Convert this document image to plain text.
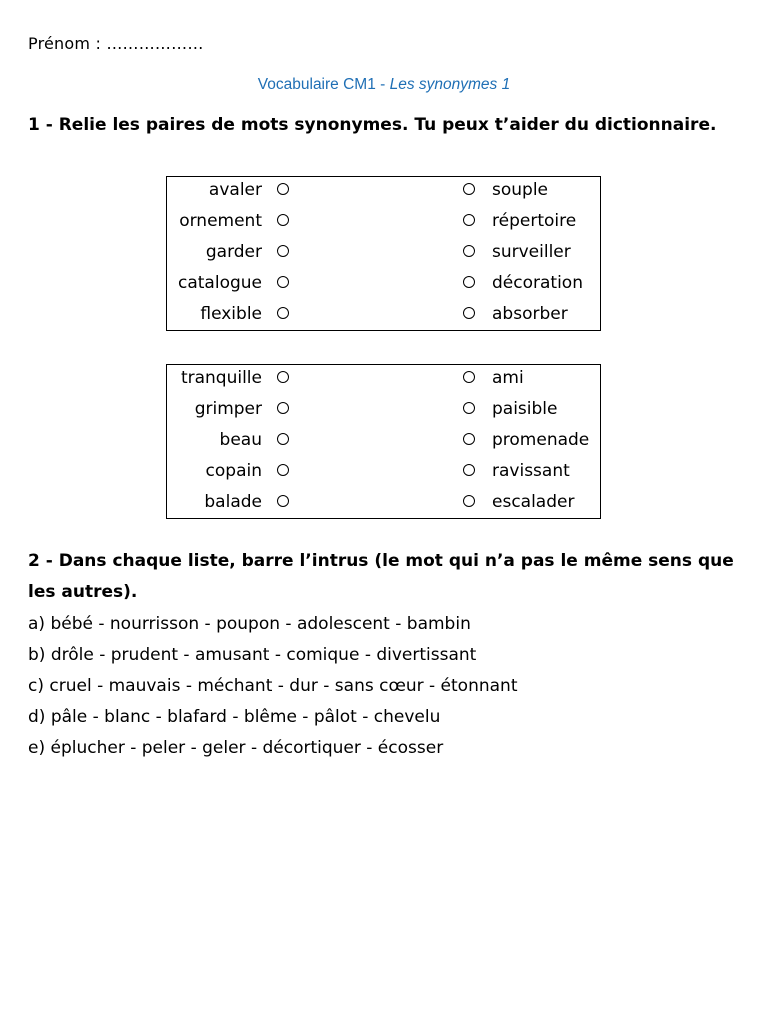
Prénom : ………………
Vocabulaire CM1 - Les synonymes 1
1 - Relie les paires de mots synonymes. Tu peux t’aider du dictionnaire.
avaler	souple
ornement	répertoire
garder	surveiller
catalogue	décoration
flexible	absorber
tranquille	ami
grimper	paisible
beau	promenade
copain	ravissant
balade	escalader
2 - Dans chaque liste, barre l’intrus (le mot qui n’a pas le même sens que les autres).
a) bébé - nourrisson - poupon - adolescent - bambin
b) drôle - prudent - amusant - comique - divertissant
c) cruel - mauvais - méchant - dur - sans cœur - étonnant
d) pâle - blanc - blafard - blême - pâlot - chevelu
e) éplucher - peler - geler - décortiquer - écosser
